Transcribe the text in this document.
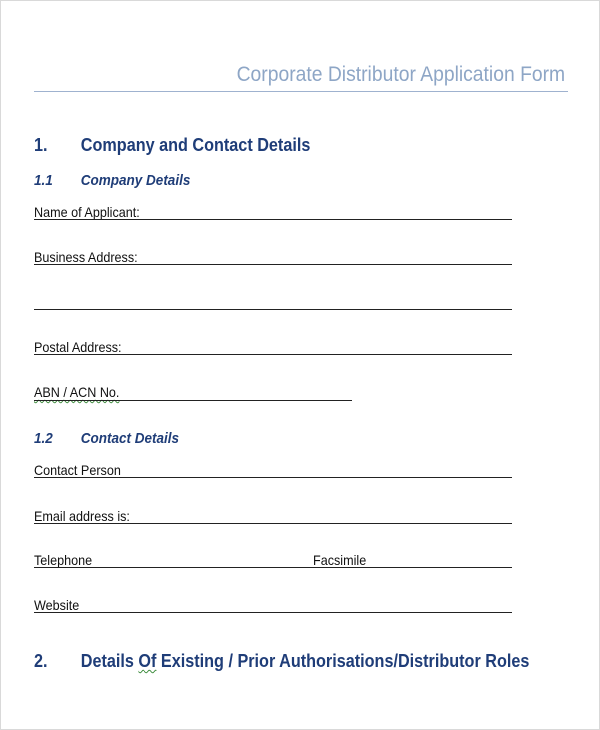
Corporate Distributor Application Form
1. Company and Contact Details
1.1 Company Details
Name of Applicant:
Business Address:
Postal Address:
ABN / ACN No.
1.2 Contact Details
Contact Person
Email address is:
Telephone	Facsimile
Website
2. Details Of Existing / Prior Authorisations/Distributor Roles
